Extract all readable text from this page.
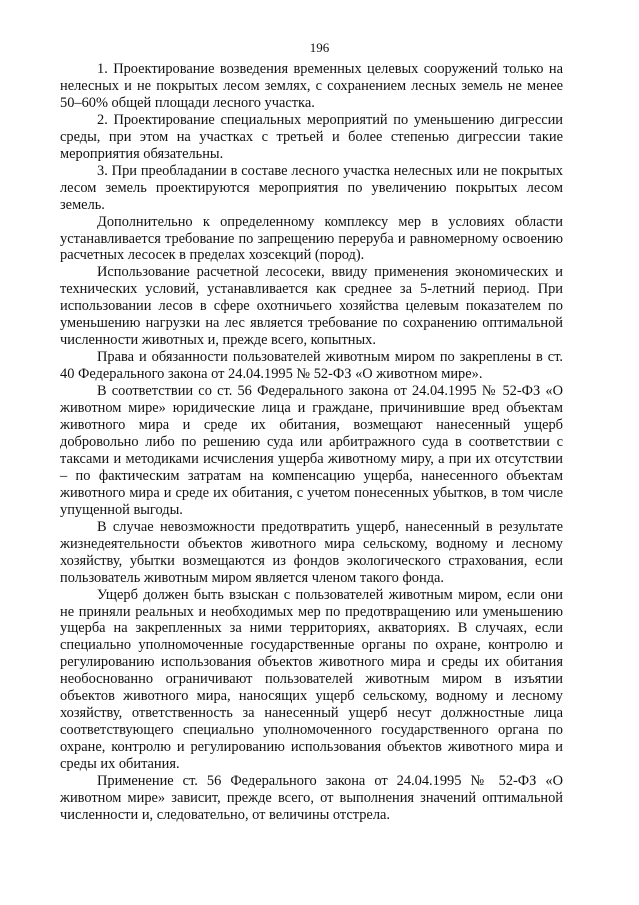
196

1. Проектирование возведения временных целевых сооружений только на нелесных и не покрытых лесом землях, с сохранением лесных земель не менее 50–60% общей площади лесного участка.

2. Проектирование специальных мероприятий по уменьшению дигрессии среды, при этом на участках с третьей и более степенью дигрессии такие мероприятия обязательны.

3. При преобладании в составе лесного участка нелесных или не покрытых лесом земель проектируются мероприятия по увеличению покрытых лесом земель.

Дополнительно к определенному комплексу мер в условиях области устанавливается требование по запрещению переруба и равномерному освоению расчетных лесосек в пределах хозсекций (пород).

Использование расчетной лесосеки, ввиду применения экономических и технических условий, устанавливается как среднее за 5-летний период. При использовании лесов в сфере охотничьего хозяйства целевым показателем по уменьшению нагрузки на лес является требование по сохранению оптимальной численности животных и, прежде всего, копытных.

Права и обязанности пользователей животным миром по закреплены в ст. 40 Федерального закона от 24.04.1995 № 52-ФЗ «О животном мире».

В соответствии со ст. 56 Федерального закона от 24.04.1995 № 52-ФЗ «О животном мире» юридические лица и граждане, причинившие вред объектам животного мира и среде их обитания, возмещают нанесенный ущерб добровольно либо по решению суда или арбитражного суда в соответствии с таксами и методиками исчисления ущерба животному миру, а при их отсутствии – по фактическим затратам на компенсацию ущерба, нанесенного объектам животного мира и среде их обитания, с учетом понесенных убытков, в том числе упущенной выгоды.

В случае невозможности предотвратить ущерб, нанесенный в результате жизнедеятельности объектов животного мира сельскому, водному и лесному хозяйству, убытки возмещаются из фондов экологического страхования, если пользователь животным миром является членом такого фонда.

Ущерб должен быть взыскан с пользователей животным миром, если они не приняли реальных и необходимых мер по предотвращению или уменьшению ущерба на закрепленных за ними территориях, акваториях. В случаях, если специально уполномоченные государственные органы по охране, контролю и регулированию использования объектов животного мира и среды их обитания необоснованно ограничивают пользователей животным миром в изъятии объектов животного мира, наносящих ущерб сельскому, водному и лесному хозяйству, ответственность за нанесенный ущерб несут должностные лица соответствующего специально уполномоченного государственного органа по охране, контролю и регулированию использования объектов животного мира и среды их обитания.

Применение ст. 56 Федерального закона от 24.04.1995 № 52-ФЗ «О животном мире» зависит, прежде всего, от выполнения значений оптимальной численности и, следовательно, от величины отстрела.
